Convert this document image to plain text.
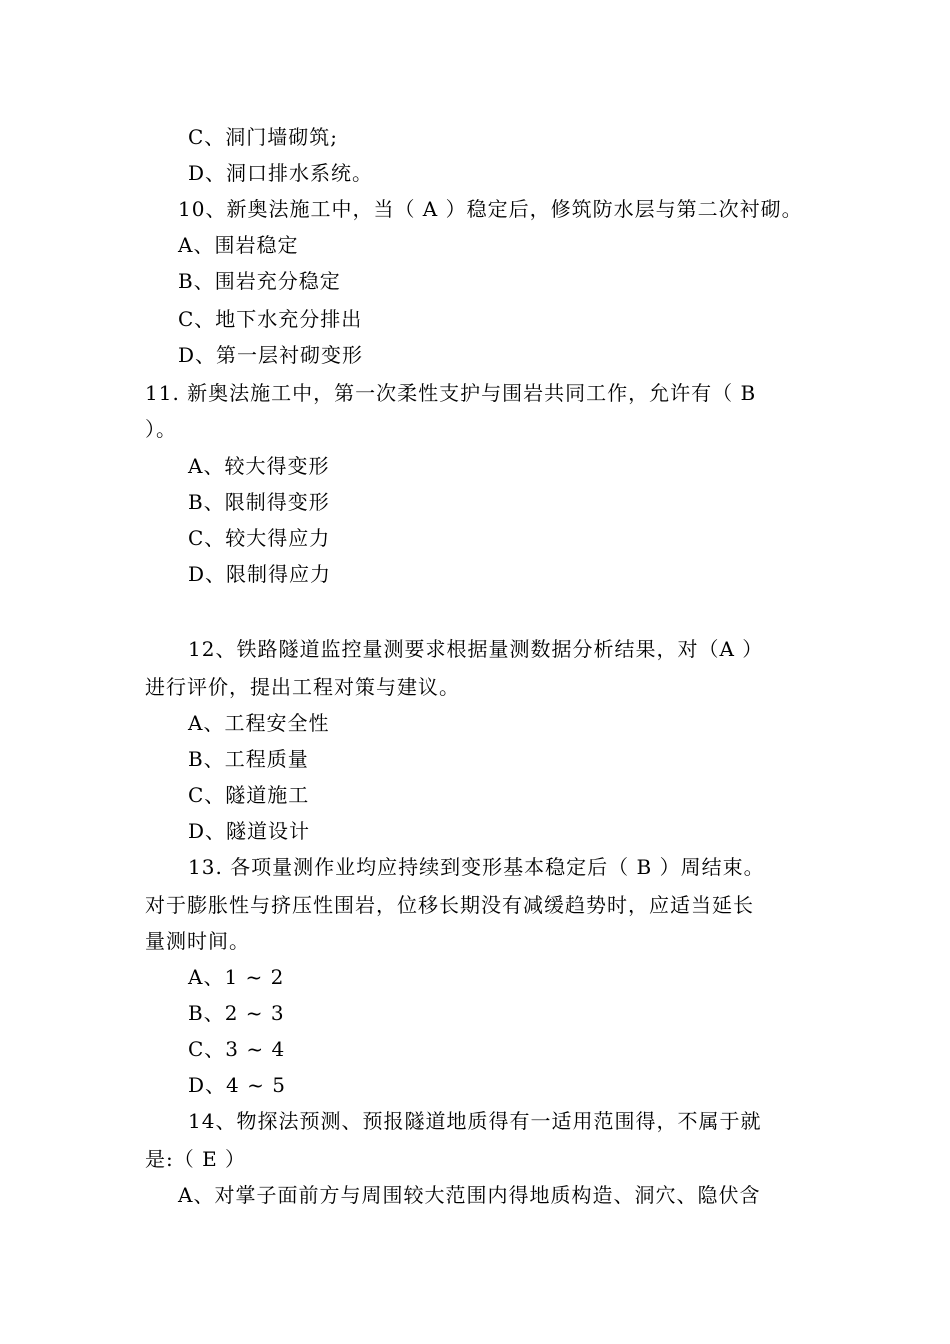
C、洞门墙砌筑;
D、洞口排水系统。
10、新奥法施工中，当（ A ）稳定后，修筑防水层与第二次衬砌。
A、围岩稳定
B、围岩充分稳定
C、地下水充分排出
D、第一层衬砌变形
11. 新奥法施工中，第一次柔性支护与围岩共同工作，允许有（ B
）。
A、较大得变形
B、限制得变形
C、较大得应力
D、限制得应力
12、铁路隧道监控量测要求根据量测数据分析结果，对（A ）
进行评价，提出工程对策与建议。
A、工程安全性
B、工程质量
C、隧道施工
D、隧道设计
13. 各项量测作业均应持续到变形基本稳定后（ B ）周结束。
对于膨胀性与挤压性围岩，位移长期没有减缓趋势时，应适当延长
量测时间。
A、1 ~ 2
B、2 ~ 3
C、3 ~ 4
D、4 ~ 5
14、物探法预测、预报隧道地质得有一适用范围得，不属于就
是:（ E ）
A、对掌子面前方与周围较大范围内得地质构造、洞穴、隐伏含
